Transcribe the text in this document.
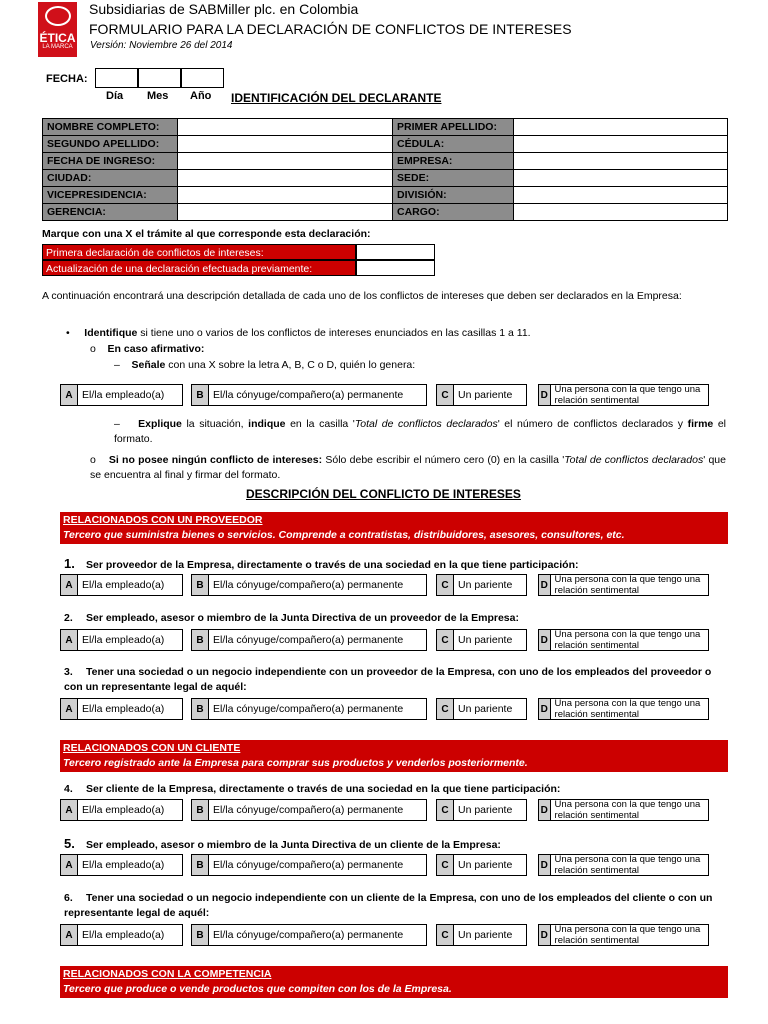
ÉTICA
LA MARCA
Subsidiarias de SABMiller plc. en Colombia
FORMULARIO PARA LA DECLARACIÓN DE CONFLICTOS DE INTERESES
Versión: Noviembre 26 del 2014
FECHA:
Día Mes Año IDENTIFICACIÓN DEL DECLARANTE
NOMBRE COMPLETO:		PRIMER APELLIDO:	
SEGUNDO APELLIDO:		CÉDULA:	
FECHA DE INGRESO:		EMPRESA:	
CIUDAD:		SEDE:	
VICEPRESIDENCIA:		DIVISIÓN:	
GERENCIA:		CARGO:	
Marque con una X el trámite al que corresponde esta declaración:
Primera declaración de conflictos de intereses:
Actualización de una declaración efectuada previamente:
A continuación encontrará una descripción detallada de cada uno de los conflictos de intereses que deben ser declarados en la Empresa:
• Identifique si tiene uno o varios de los conflictos de intereses enunciados en las casillas 1 a 11.
o En caso afirmativo:
– Señale con una X sobre la letra A, B, C o D, quién lo genera:
A El/la empleado(a)	B El/la cónyuge/compañero(a) permanente	C Un pariente	D Una persona con la que tengo una relación sentimental
– Explique la situación, indique en la casilla 'Total de conflictos declarados' el número de conflictos declarados y firme el formato.
o Si no posee ningún conflicto de intereses: Sólo debe escribir el número cero (0) en la casilla 'Total de conflictos declarados' que se encuentra al final y firmar del formato.
DESCRIPCIÓN DEL CONFLICTO DE INTERESES
RELACIONADOS CON UN PROVEEDOR
Tercero que suministra bienes o servicios. Comprende a contratistas, distribuidores, asesores, consultores, etc.
1. Ser proveedor de la Empresa, directamente o través de una sociedad en la que tiene participación:
A El/la empleado(a)	B El/la cónyuge/compañero(a) permanente	C Un pariente	D Una persona con la que tengo una relación sentimental
2. Ser empleado, asesor o miembro de la Junta Directiva de un proveedor de la Empresa:
A El/la empleado(a)	B El/la cónyuge/compañero(a) permanente	C Un pariente	D Una persona con la que tengo una relación sentimental
3. Tener una sociedad o un negocio independiente con un proveedor de la Empresa, con uno de los empleados del proveedor o con un representante legal de aquél:
A El/la empleado(a)	B El/la cónyuge/compañero(a) permanente	C Un pariente	D Una persona con la que tengo una relación sentimental
RELACIONADOS CON UN CLIENTE
Tercero registrado ante la Empresa para comprar sus productos y venderlos posteriormente.
4. Ser cliente de la Empresa, directamente o través de una sociedad en la que tiene participación:
A El/la empleado(a)	B El/la cónyuge/compañero(a) permanente	C Un pariente	D Una persona con la que tengo una relación sentimental
5. Ser empleado, asesor o miembro de la Junta Directiva de un cliente de la Empresa:
A El/la empleado(a)	B El/la cónyuge/compañero(a) permanente	C Un pariente	D Una persona con la que tengo una relación sentimental
6. Tener una sociedad o un negocio independiente con un cliente de la Empresa, con uno de los empleados del cliente o con un representante legal de aquél:
A El/la empleado(a)	B El/la cónyuge/compañero(a) permanente	C Un pariente	D Una persona con la que tengo una relación sentimental
RELACIONADOS CON LA COMPETENCIA
Tercero que produce o vende productos que compiten con los de la Empresa.
